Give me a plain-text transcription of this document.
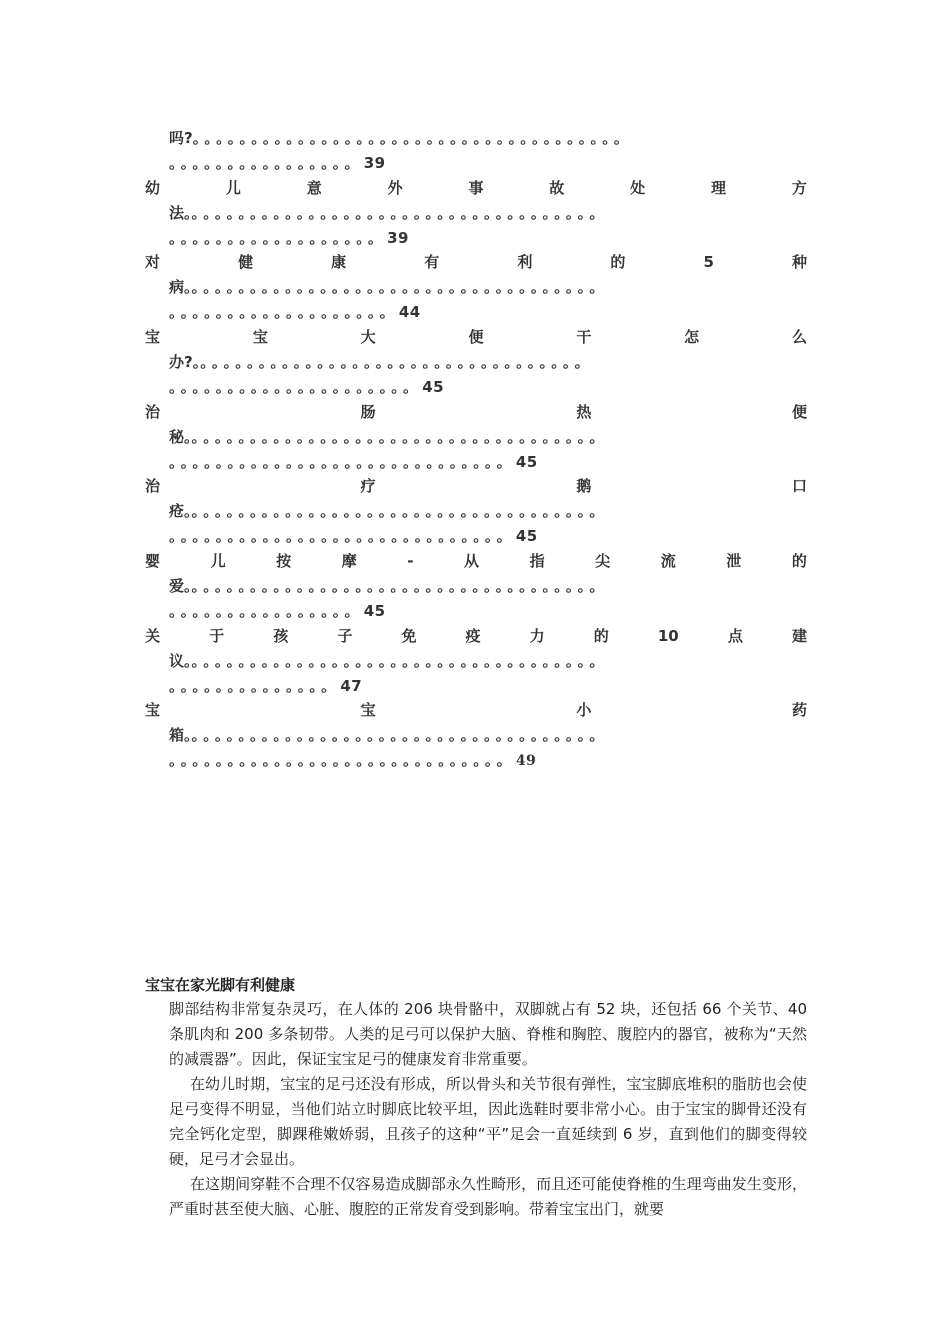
吗?。。。。。。。。。。。。。。。。。。。。。。。。。。。。。。。。。。。。。
。。。。。。。。。。。。。。。。39
幼	儿	意	外	事	故	处	理	方
法。。。。。。。。。。。。。。。。。。。。。。。。。。。。。。。。。。。。
。。。。。。。。。。。。。。。。。。39
对	健	康	有	利	的	5	种
病。。。。。。。。。。。。。。。。。。。。。。。。。。。。。。。。。。。。
。。。。。。。。。。。。。。。。。。。44
宝	宝	大	便	干	怎	么
办?。。。。。。。。。。。。。。。。。。。。。。。。。。。。。。。。。。
。。。。。。。。。。。。。。。。。。。。。45
治	肠	热	便
秘。。。。。。。。。。。。。。。。。。。。。。。。。。。。。。。。。。。。
。。。。。。。。。。。。。。。。。。。。。。。。。。。。。45
治	疗	鹅	口
疮。。。。。。。。。。。。。。。。。。。。。。。。。。。。。。。。。。。。
。。。。。。。。。。。。。。。。。。。。。。。。。。。。。45
婴	儿	按	摩	-	从	指	尖	流	泄	的
爱。。。。。。。。。。。。。。。。。。。。。。。。。。。。。。。。。。。。
。。。。。。。。。。。。。。。。45
关	于	孩	子	免	疫	力	的	10	点	建
议。。。。。。。。。。。。。。。。。。。。。。。。。。。。。。。。。。。。
。。。。。。。。。。。。。。47
宝	宝	小	药
箱。。。。。。。。。。。。。。。。。。。。。。。。。。。。。。。。。。。。
。。。。。。。。。。。。。。。。。。。。。。。。。。。。。49
宝宝在家光脚有利健康
脚部结构非常复杂灵巧，在人体的 206 块骨骼中，双脚就占有 52 块，还包括 66 个关节、40 条肌肉和 200 多条韧带。人类的足弓可以保护大脑、脊椎和胸腔、腹腔内的器官，被称为“天然的减震器”。因此，保证宝宝足弓的健康发育非常重要。
在幼儿时期，宝宝的足弓还没有形成，所以骨头和关节很有弹性，宝宝脚底堆积的脂肪也会使足弓变得不明显，当他们站立时脚底比较平坦，因此选鞋时要非常小心。由于宝宝的脚骨还没有完全钙化定型，脚踝稚嫩娇弱，且孩子的这种“平”足会一直延续到 6 岁，直到他们的脚变得较硬，足弓才会显出。
在这期间穿鞋不合理不仅容易造成脚部永久性畸形，而且还可能使脊椎的生理弯曲发生变形，严重时甚至使大脑、心脏、腹腔的正常发育受到影响。带着宝宝出门，就要
